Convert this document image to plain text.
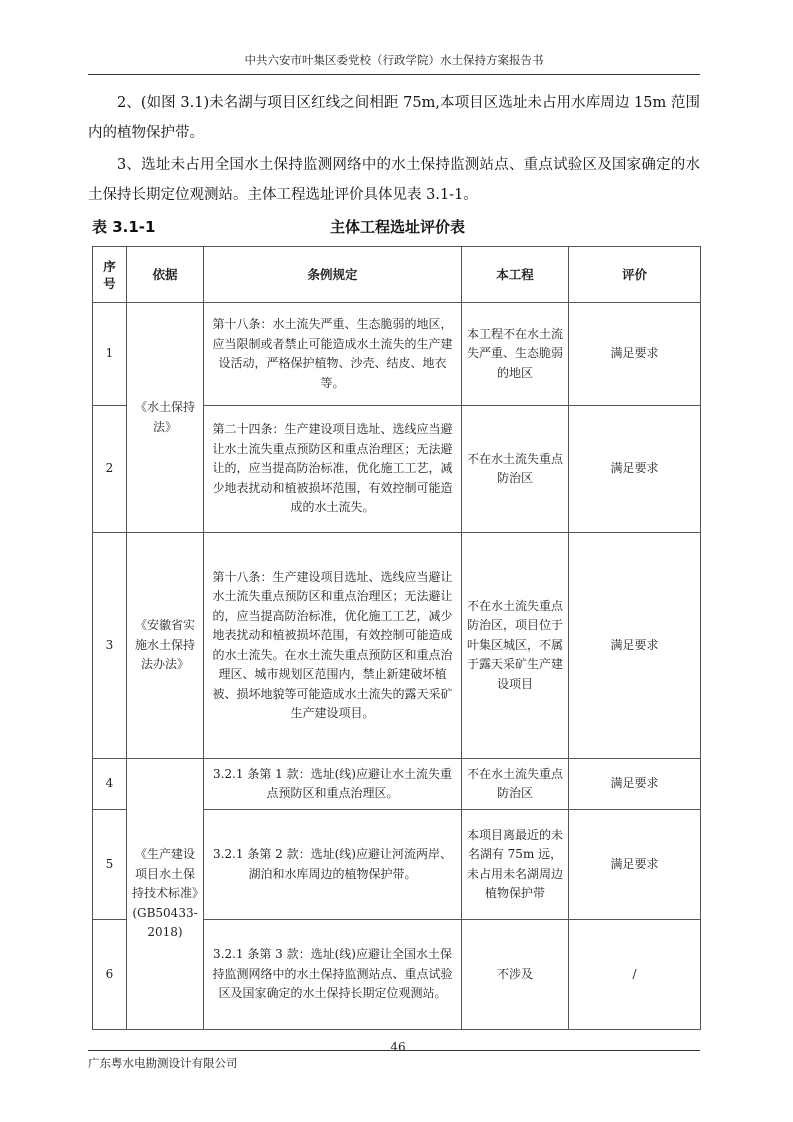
中共六安市叶集区委党校（行政学院）水土保持方案报告书
2、(如图 3.1)未名湖与项目区红线之间相距 75m,本项目区选址未占用水库周边 15m 范围内的植物保护带。
3、选址未占用全国水土保持监测网络中的水土保持监测站点、重点试验区及国家确定的水土保持长期定位观测站。主体工程选址评价具体见表 3.1-1。
表 3.1-1	主体工程选址评价表
序号	依据	条例规定	本工程	评价
1	《水土保持法》	第十八条：水土流失严重、生态脆弱的地区，应当限制或者禁止可能造成水土流失的生产建设活动，严格保护植物、沙壳、结皮、地衣等。	本工程不在水土流失严重、生态脆弱的地区	满足要求
2		第二十四条：生产建设项目选址、选线应当避让水土流失重点预防区和重点治理区；无法避让的，应当提高防治标准，优化施工工艺，减少地表扰动和植被损坏范围，有效控制可能造成的水土流失。	不在水土流失重点防治区	满足要求
3	《安徽省实施水土保持法办法》	第十八条：生产建设项目选址、选线应当避让水土流失重点预防区和重点治理区；无法避让的，应当提高防治标准，优化施工工艺，减少地表扰动和植被损坏范围，有效控制可能造成的水土流失。在水土流失重点预防区和重点治理区、城市规划区范围内，禁止新建破坏植被、损坏地貌等可能造成水土流失的露天采矿生产建设项目。	不在水土流失重点防治区，项目位于叶集区城区，不属于露天采矿生产建设项目	满足要求
4	《生产建设项目水土保持技术标准》(GB50433-2018)	3.2.1 条第 1 款：选址(线)应避让水土流失重点预防区和重点治理区。	不在水土流失重点防治区	满足要求
5		3.2.1 条第 2 款：选址(线)应避让河流两岸、湖泊和水库周边的植物保护带。	本项目离最近的未名湖有 75m 远，未占用未名湖周边植物保护带	满足要求
6		3.2.1 条第 3 款：选址(线)应避让全国水土保持监测网络中的水土保持监测站点、重点试验区及国家确定的水土保持长期定位观测站。	不涉及	/
46
广东粤水电勘测设计有限公司
